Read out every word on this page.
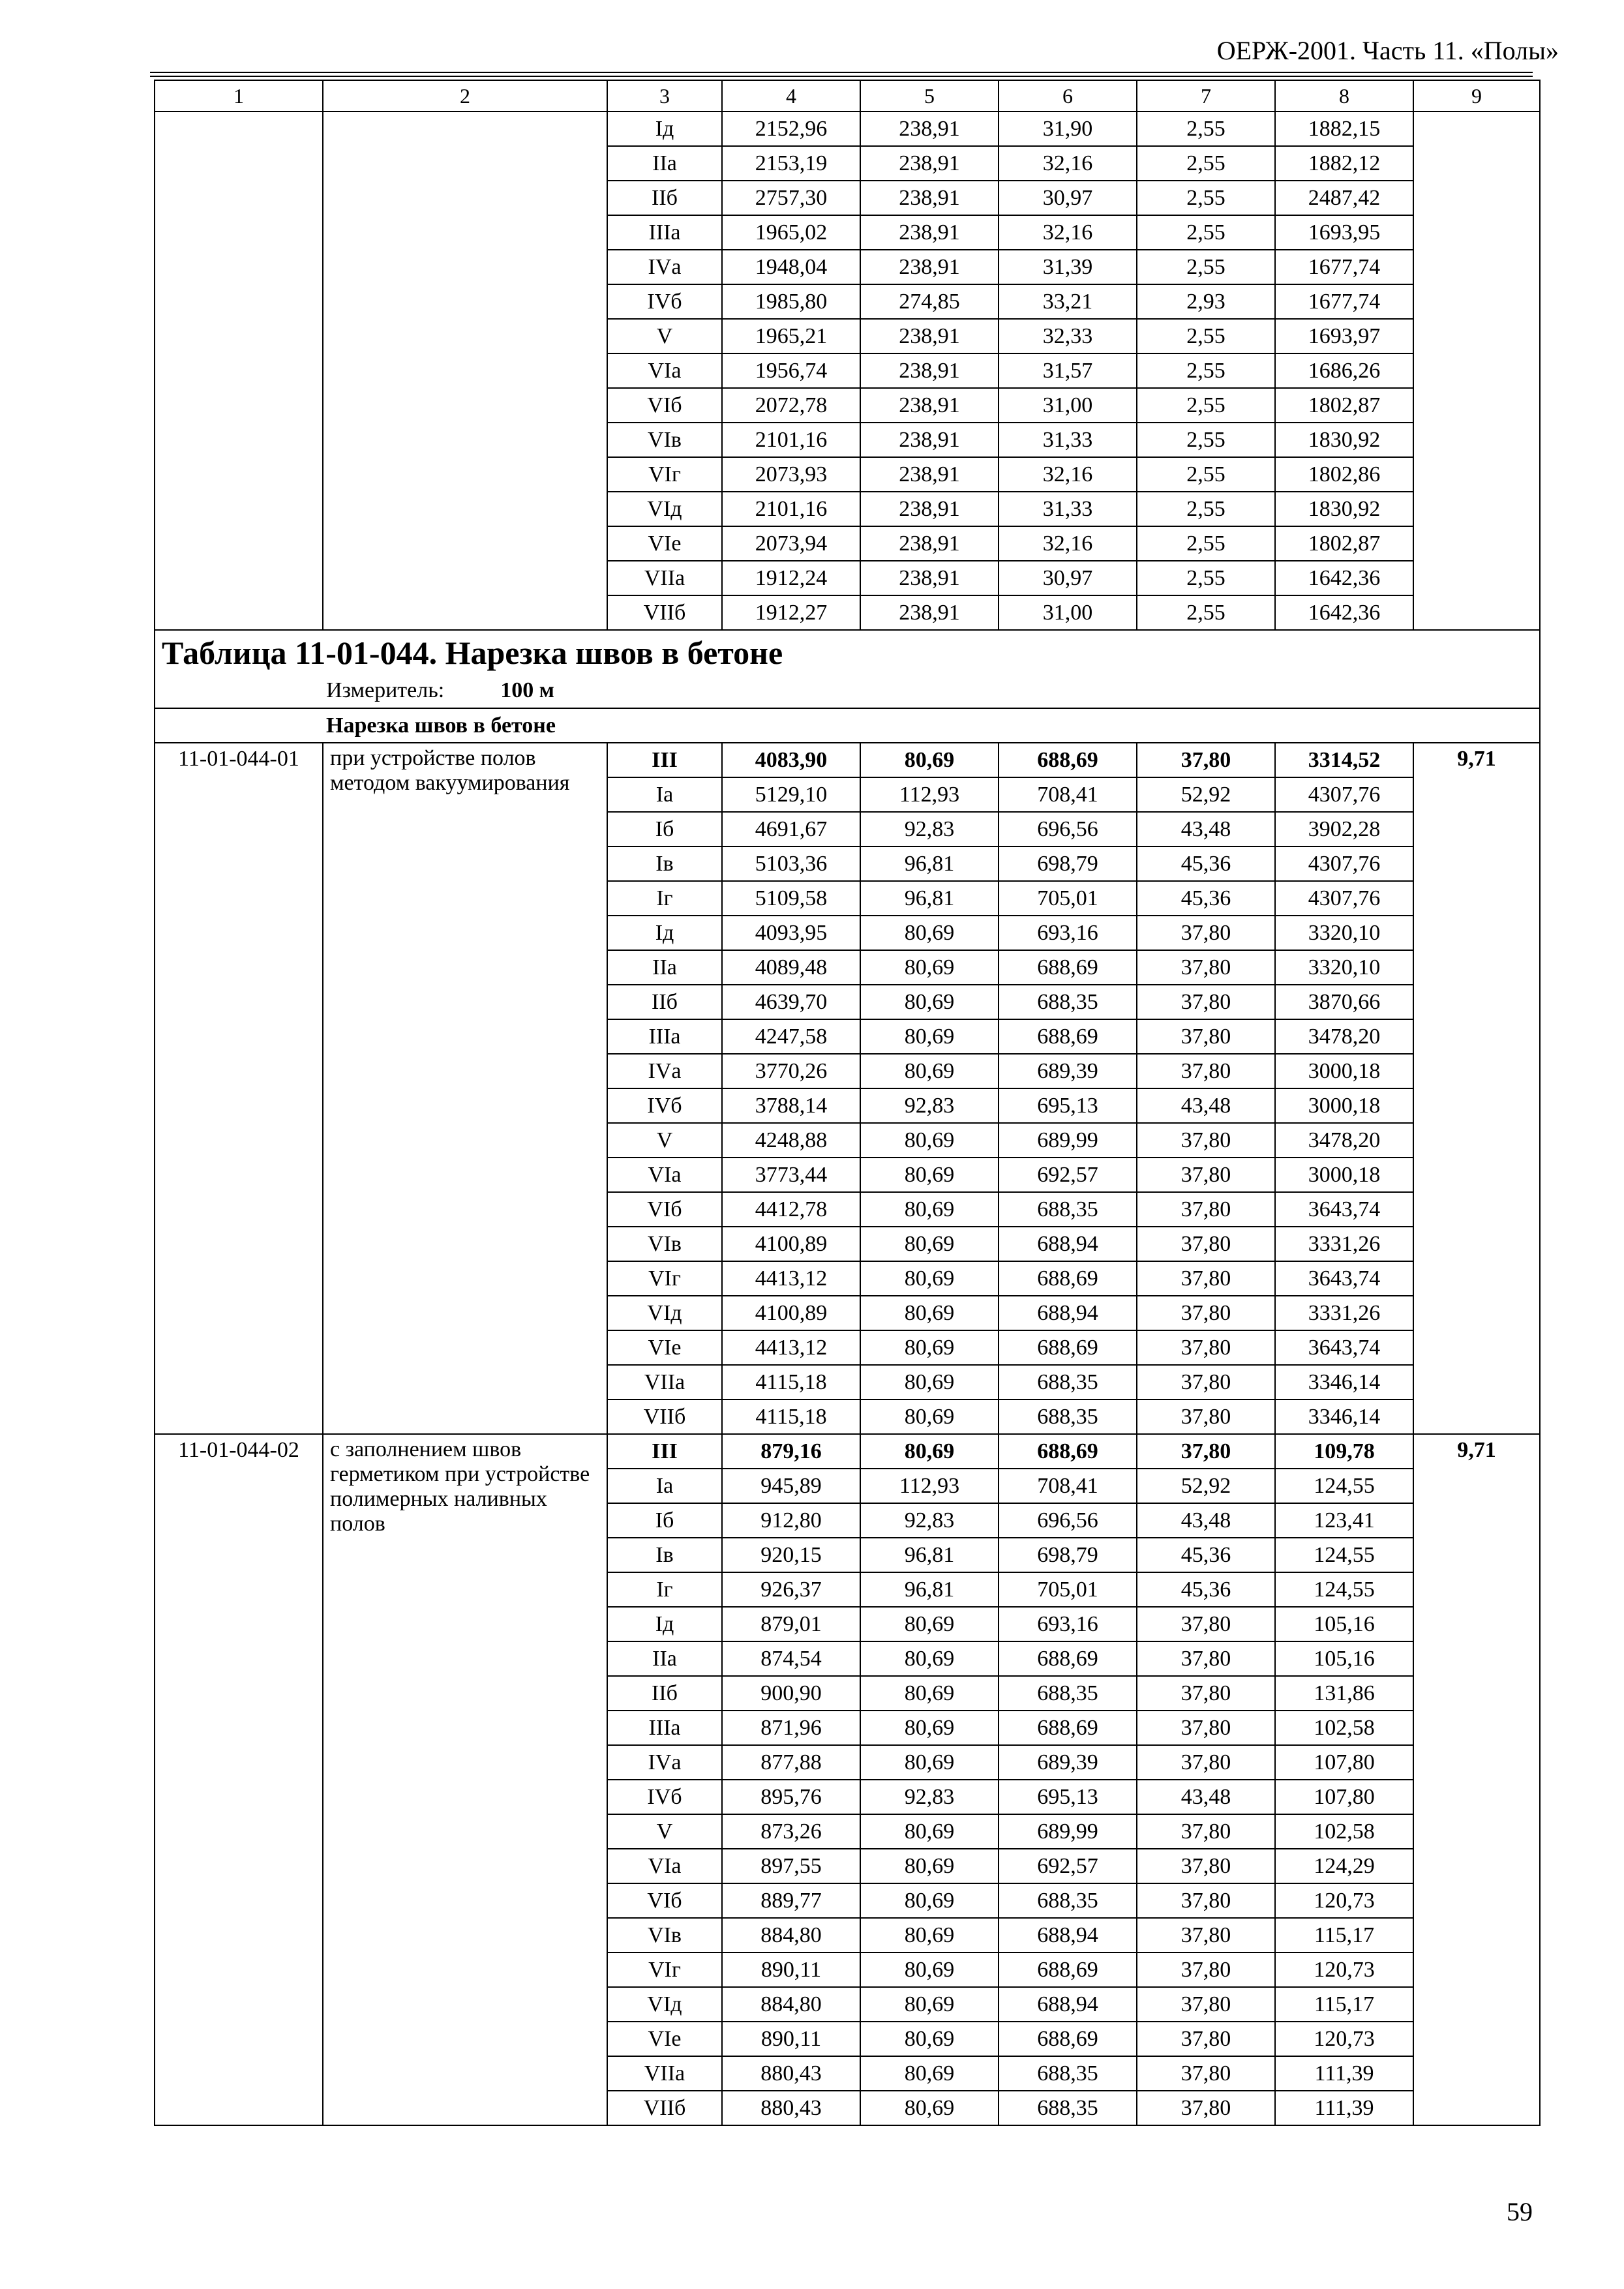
ОЕРЖ-2001. Часть 11. «Полы»
1	2	3	4	5	6	7	8	9
		Iд	2152,96	238,91	31,90	2,55	1882,15	
		IIа	2153,19	238,91	32,16	2,55	1882,12	
		IIб	2757,30	238,91	30,97	2,55	2487,42	
		IIIа	1965,02	238,91	32,16	2,55	1693,95	
		IVа	1948,04	238,91	31,39	2,55	1677,74	
		IVб	1985,80	274,85	33,21	2,93	1677,74	
		V	1965,21	238,91	32,33	2,55	1693,97	
		VIа	1956,74	238,91	31,57	2,55	1686,26	
		VIб	2072,78	238,91	31,00	2,55	1802,87	
		VIв	2101,16	238,91	31,33	2,55	1830,92	
		VIг	2073,93	238,91	32,16	2,55	1802,86	
		VIд	2101,16	238,91	31,33	2,55	1830,92	
		VIе	2073,94	238,91	32,16	2,55	1802,87	
		VIIа	1912,24	238,91	30,97	2,55	1642,36	
		VIIб	1912,27	238,91	31,00	2,55	1642,36	

Таблица 11-01-044. Нарезка швов в бетоне
Измеритель: 100 м								

Нарезка швов в бетоне								
11-01-044-01	при устройстве полов методом вакуумирования	III	4083,90	80,69	688,69	37,80	3314,52	9,71
		Iа	5129,10	112,93	708,41	52,92	4307,76	
		Iб	4691,67	92,83	696,56	43,48	3902,28	
		Iв	5103,36	96,81	698,79	45,36	4307,76	
		Iг	5109,58	96,81	705,01	45,36	4307,76	
		Iд	4093,95	80,69	693,16	37,80	3320,10	
		IIа	4089,48	80,69	688,69	37,80	3320,10	
		IIб	4639,70	80,69	688,35	37,80	3870,66	
		IIIа	4247,58	80,69	688,69	37,80	3478,20	
		IVа	3770,26	80,69	689,39	37,80	3000,18	
		IVб	3788,14	92,83	695,13	43,48	3000,18	
		V	4248,88	80,69	689,99	37,80	3478,20	
		VIа	3773,44	80,69	692,57	37,80	3000,18	
		VIб	4412,78	80,69	688,35	37,80	3643,74	
		VIв	4100,89	80,69	688,94	37,80	3331,26	
		VIг	4413,12	80,69	688,69	37,80	3643,74	
		VIд	4100,89	80,69	688,94	37,80	3331,26	
		VIе	4413,12	80,69	688,69	37,80	3643,74	
		VIIа	4115,18	80,69	688,35	37,80	3346,14	
		VIIб	4115,18	80,69	688,35	37,80	3346,14	
11-01-044-02	с заполнением швов герметиком при устройстве полимерных наливных полов	III	879,16	80,69	688,69	37,80	109,78	9,71
		Iа	945,89	112,93	708,41	52,92	124,55	
		Iб	912,80	92,83	696,56	43,48	123,41	
		Iв	920,15	96,81	698,79	45,36	124,55	
		Iг	926,37	96,81	705,01	45,36	124,55	
		Iд	879,01	80,69	693,16	37,80	105,16	
		IIа	874,54	80,69	688,69	37,80	105,16	
		IIб	900,90	80,69	688,35	37,80	131,86	
		IIIа	871,96	80,69	688,69	37,80	102,58	
		IVа	877,88	80,69	689,39	37,80	107,80	
		IVб	895,76	92,83	695,13	43,48	107,80	
		V	873,26	80,69	689,99	37,80	102,58	
		VIа	897,55	80,69	692,57	37,80	124,29	
		VIб	889,77	80,69	688,35	37,80	120,73	
		VIв	884,80	80,69	688,94	37,80	115,17	
		VIг	890,11	80,69	688,69	37,80	120,73	
		VIд	884,80	80,69	688,94	37,80	115,17	
		VIе	890,11	80,69	688,69	37,80	120,73	
		VIIа	880,43	80,69	688,35	37,80	111,39	
		VIIб	880,43	80,69	688,35	37,80	111,39	
59
